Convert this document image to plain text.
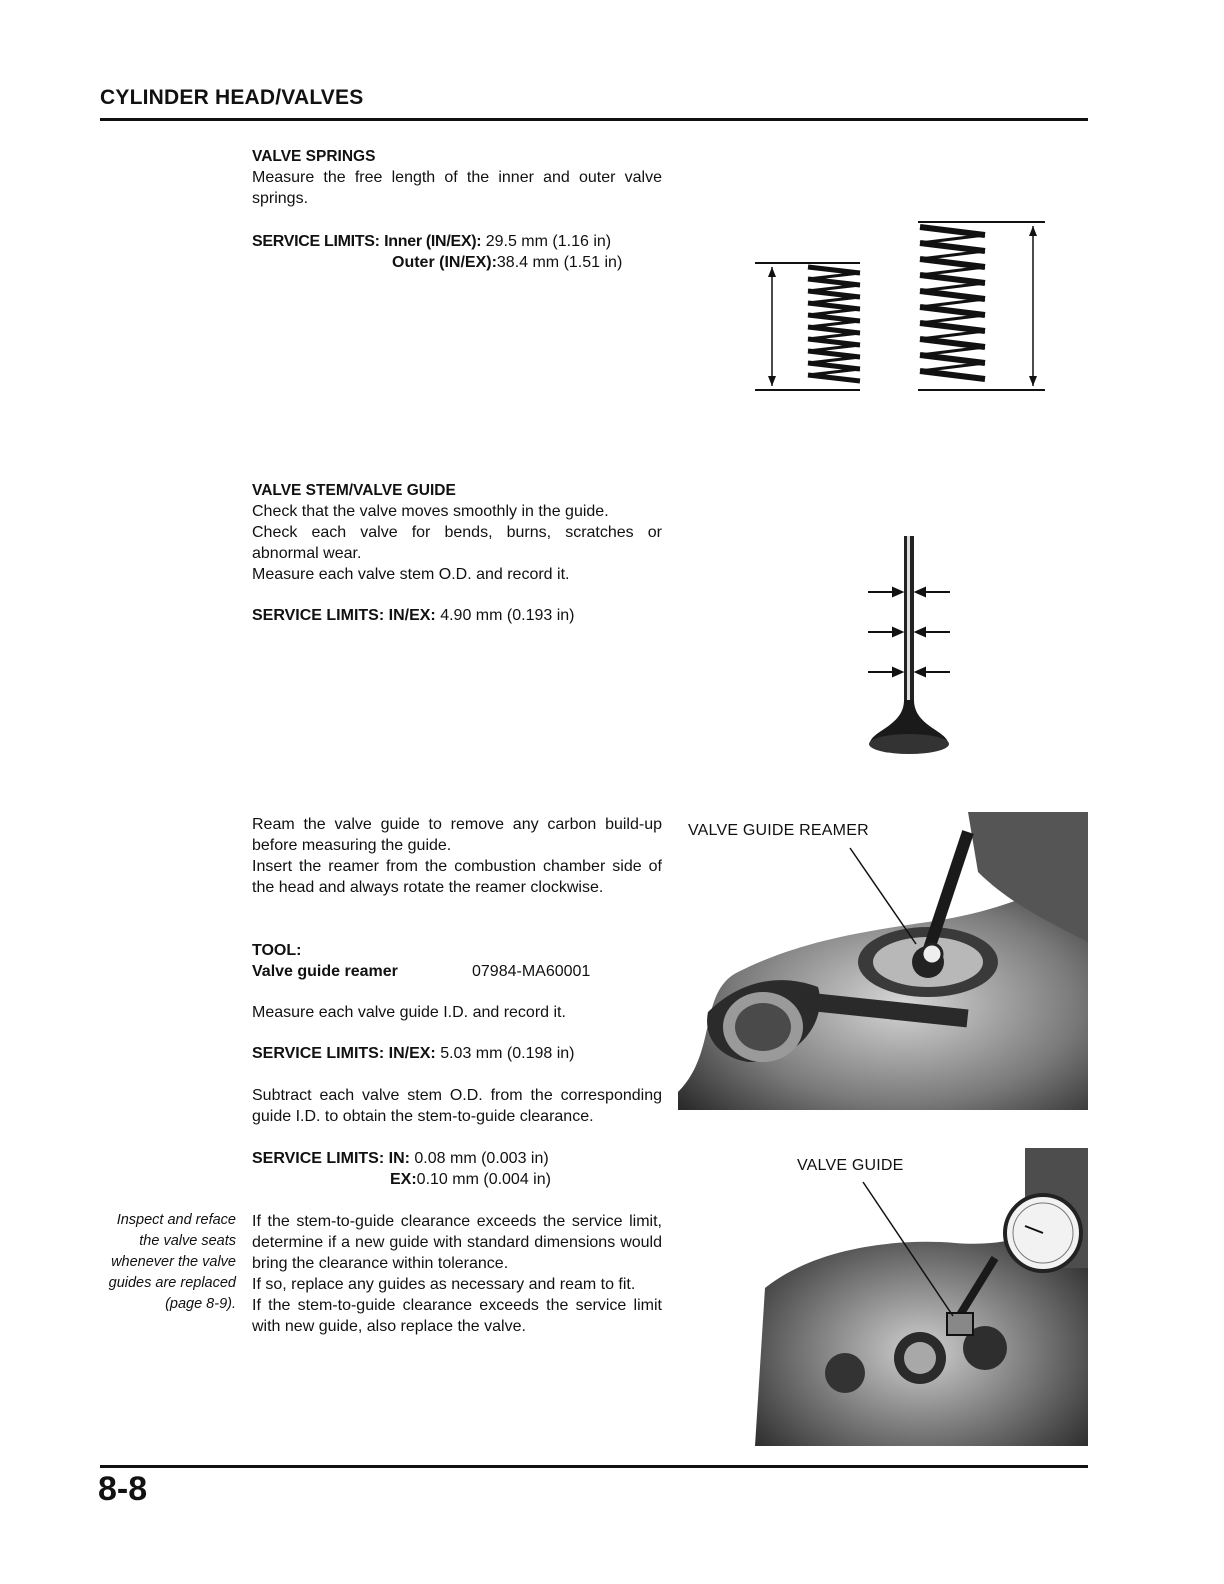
CYLINDER HEAD/VALVES
VALVE SPRINGS

Measure the free length of the inner and outer valve springs.

SERVICE LIMITS: Inner (IN/EX): 29.5 mm (1.16 in)
Outer (IN/EX):38.4 mm (1.51 in)
VALVE STEM/VALVE GUIDE

Check that the valve moves smoothly in the guide.

Check each valve for bends, burns, scratches or abnormal wear.

Measure each valve stem O.D. and record it.

SERVICE LIMITS: IN/EX: 4.90 mm (0.193 in)

Ream the valve guide to remove any carbon build-up before measuring the guide.

Insert the reamer from the combustion chamber side of the head and always rotate the reamer clockwise.

TOOL:
Valve guide reamer	07984-MA60001
Measure each valve guide I.D. and record it.
SERVICE LIMITS: IN/EX: 5.03 mm (0.198 in)

Subtract each valve stem O.D. from the corresponding guide I.D. to obtain the stem-to-guide clearance.

SERVICE LIMITS: IN: 0.08 mm (0.003 in)
EX:0.10 mm (0.004 in)

If the stem-to-guide clearance exceeds the service limit, determine if a new guide with standard dimensions would bring the clearance within tolerance.

If so, replace any guides as necessary and ream to fit.

If the stem-to-guide clearance exceeds the service limit with new guide, also replace the valve.

Inspect and reface the valve seats whenever the valve guides are replaced (page 8-9).
VALVE GUIDE REAMER
VALVE GUIDE
8-8
